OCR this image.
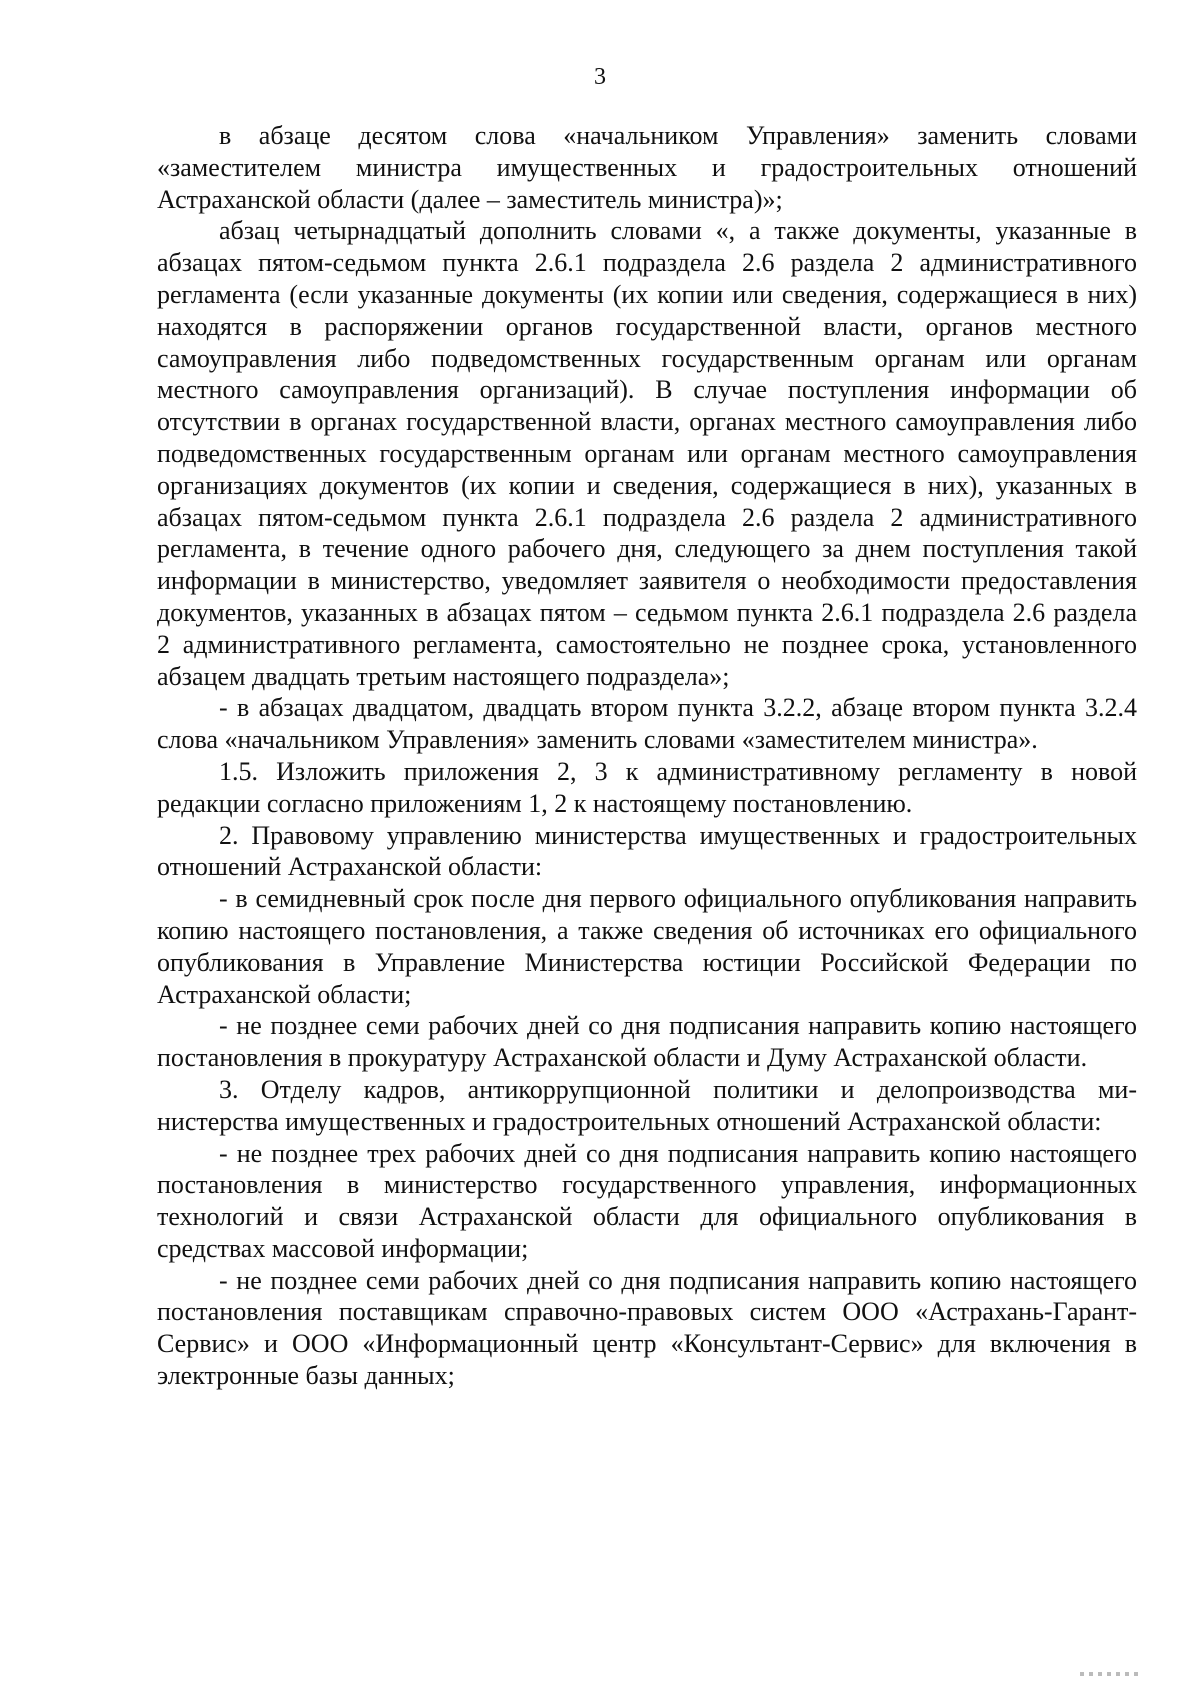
3

в абзаце десятом слова «начальником Управления» заменить словами «заместителем министра имущественных и градостроительных отношений Астраханской области (далее – заместитель министра)»;

абзац четырнадцатый дополнить словами «, а также документы, указанные в абзацах пятом-седьмом пункта 2.6.1 подраздела 2.6 раздела 2 административного регламента (если указанные документы (их копии или сведения, содержащиеся в них) находятся в распоряжении органов государственной власти, органов местного самоуправления либо подведомственных государственным органам или органам местного самоуправления организаций). В случае поступления информации об отсутствии в органах государственной власти, органах местного самоуправления либо подведомственных государственным органам или органам местного самоуправления организациях документов (их копии и сведения, содержащиеся в них), указанных в абзацах пятом-седьмом пункта 2.6.1 подраздела 2.6 раздела 2 административного регламента, в течение одного рабочего дня, следующего за днем поступления такой информации в министерство, уведомляет заявителя о необходимости предоставления документов, указанных в абзацах пятом – седьмом пункта 2.6.1 подраздела 2.6 раздела 2 административного регламента, самостоятельно не позднее срока, установленного абзацем двадцать третьим настоящего подраздела»;

- в абзацах двадцатом, двадцать втором пункта 3.2.2, абзаце втором пункта 3.2.4 слова «начальником Управления» заменить словами «заместителем министра».

1.5. Изложить приложения 2, 3 к административному регламенту в новой редакции согласно приложениям 1, 2 к настоящему постановлению.

2. Правовому управлению министерства имущественных и градостроительных отношений Астраханской области:

- в семидневный срок после дня первого официального опубликования направить копию настоящего постановления, а также сведения об источниках его официального опубликования в Управление Министерства юстиции Российской Федерации по Астраханской области;

- не позднее семи рабочих дней со дня подписания направить копию настоящего постановления в прокуратуру Астраханской области и Думу Астраханской области.

3. Отделу кадров, антикоррупционной политики и делопроизводства министерства имущественных и градостроительных отношений Астраханской области:

- не позднее трех рабочих дней со дня подписания направить копию настоящего постановления в министерство государственного управления, информационных технологий и связи Астраханской области для официального опубликования в средствах массовой информации;

- не позднее семи рабочих дней со дня подписания направить копию настоящего постановления поставщикам справочно-правовых систем ООО «Астрахань-Гарант-Сервис» и ООО «Информационный центр «Консультант-Сервис» для включения в электронные базы данных;
